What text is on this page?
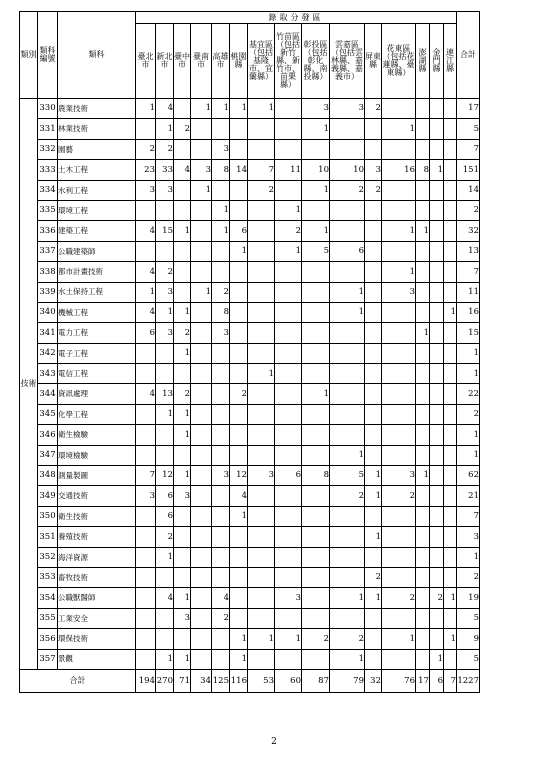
類別	類科編號	類科	錄取分發區															合計
			臺北市	新北市	臺中市	臺南市	高雄市	桃園縣	基宜區（包括基隆市、宜蘭縣）	竹苗區（包括新竹縣、新竹市、苗栗縣）	彰投區（包括彰化縣、南投縣）	雲嘉區（包括雲林縣、嘉義縣、嘉義市）	屏東縣	花東區（包括花蓮縣、臺東縣）	澎湖縣	金門縣	連江縣	
技術	330	農業技術	1	4		1	1	1	1		3	3	2					17
	331	林業技術		1	2						1			1				5
	332	園藝	2	2			3											7
	333	土木工程	23	33	4	3	8	14	7	11	10	10	3	16	8	1		151
	334	水利工程	3	3		1			2		1	2	2					14
	335	環境工程					1			1								2
	336	建築工程	4	15	1		1	6		2	1			1	1			32
	337	公職建築師						1		1	5	6						13
	338	都市計畫技術	4	2										1				7
	339	水土保持工程	1	3		1	2					1		3				11
	340	機械工程	4	1	1		8					1					1	16
	341	電力工程	6	3	2		3								1			15
	342	電子工程			1													1
	343	電信工程							1									1
	344	資訊處理	4	13	2			2			1							22
	345	化學工程		1	1													2
	346	衛生檢驗			1													1
	347	環境檢驗										1						1
	348	測量製圖	7	12	1		3	12	3	6	8	5	1	3	1			62
	349	交通技術	3	6	3			4				2	1	2				21
	350	衛生技術		6				1										7
	351	養殖技術		2									1					3
	352	海洋資源		1														1
	353	畜牧技術											2					2
	354	公職獸醫師		4	1		4			3		1	1	2		2	1	19
	355	工業安全			3		2											5
	356	環保技術						1	1	1	2	2		1			1	9
	357	景觀		1	1			1				1				1		5
合計			194	270	71	34	125	116	53	60	87	79	32	76	17	6	7	1227
2
